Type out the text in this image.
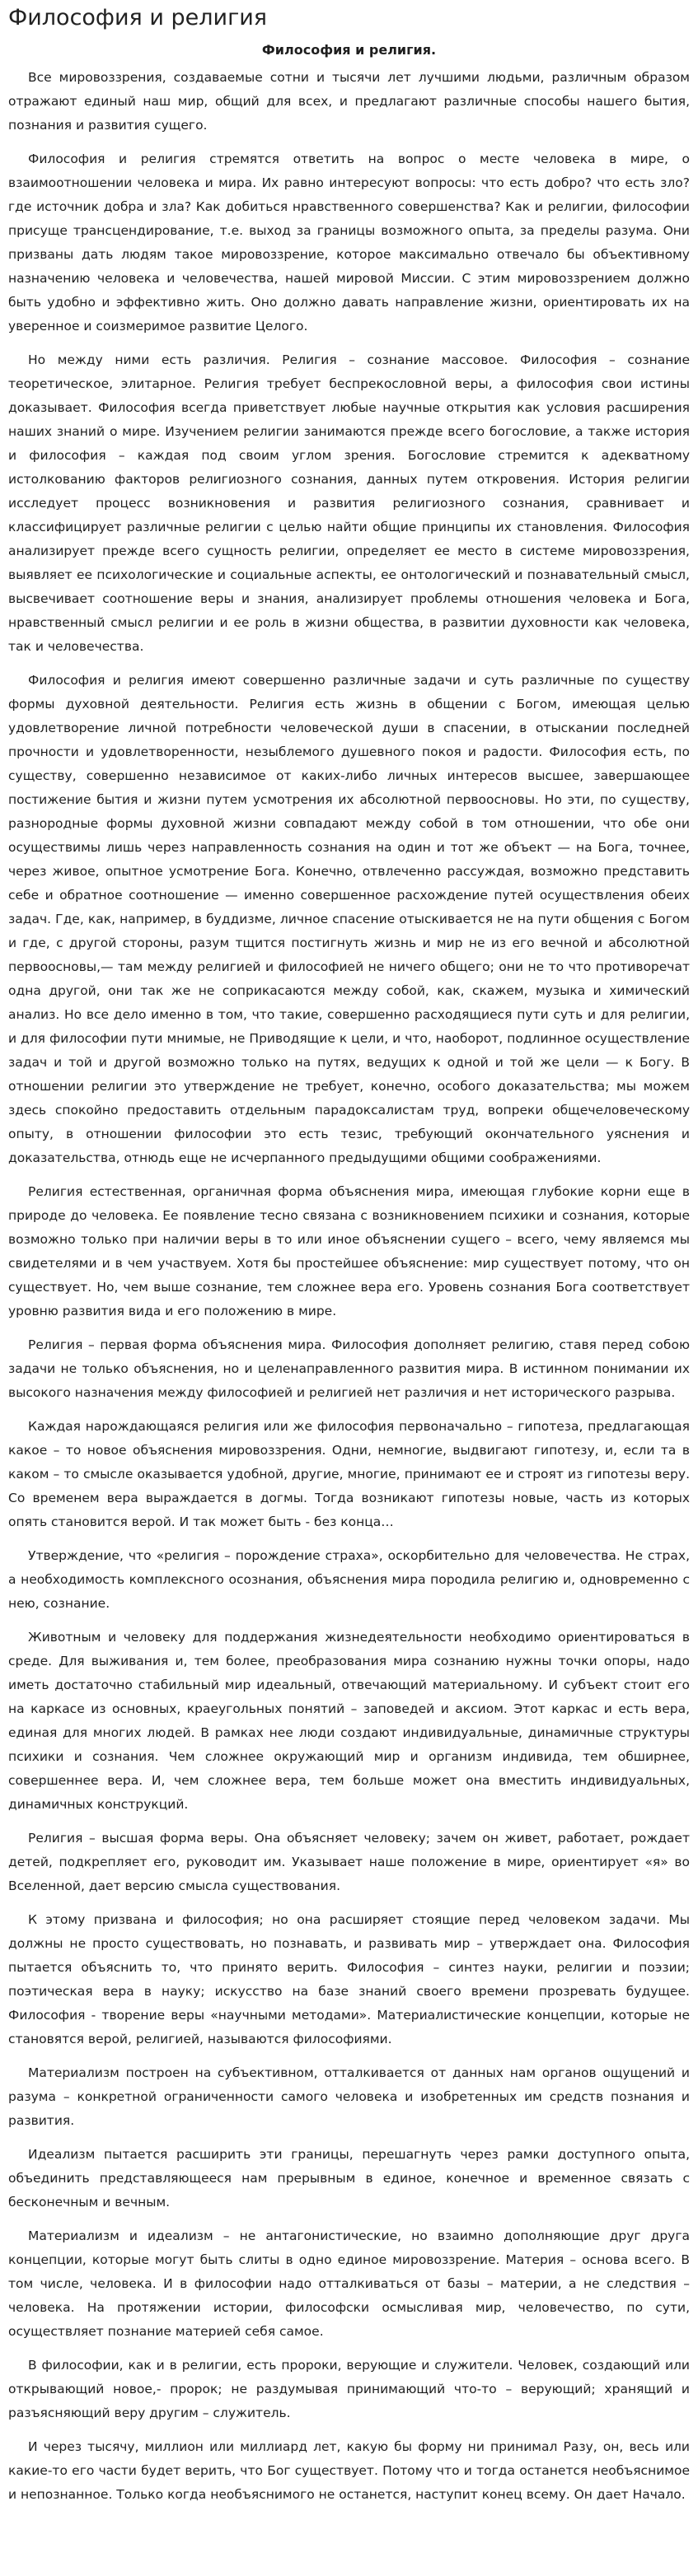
Философия и религия
Философия и религия.

Все мировоззрения, создаваемые сотни и тысячи лет лучшими людьми, различным образом отражают единый наш мир, общий для всех, и предлагают различные способы нашего бытия, познания и развития сущего.

Философия и религия стремятся ответить на вопрос о месте человека в мире, о взаимоотношении человека и мира. Их равно интересуют вопросы: что есть добро? что есть зло? где источник добра и зла? Как добиться нравственного совершенства? Как и религии, философии присуще трансцендирование, т.е. выход за границы возможного опыта, за пределы разума. Они призваны дать людям такое мировоззрение, которое максимально отвечало бы объективному назначению человека и человечества, нашей мировой Миссии. С этим мировоззрением должно быть удобно и эффективно жить. Оно должно давать направление жизни, ориентировать их на уверенное и соизмеримое развитие Целого.

Но между ними есть различия. Религия – сознание массовое. Философия – сознание теоретическое, элитарное. Религия требует беспрекословной веры, а философия свои истины доказывает. Философия всегда приветствует любые научные открытия как условия расширения наших знаний о мире. Изучением религии занимаются прежде всего богословие, а также история и философия – каждая под своим углом зрения. Богословие стремится к адекватному истолкованию факторов религиозного сознания, данных путем откровения. История религии исследует процесс возникновения и развития религиозного сознания, сравнивает и классифицирует различные религии с целью найти общие принципы их становления. Философия анализирует прежде всего сущность религии, определяет ее место в системе мировоззрения, выявляет ее психологические и социальные аспекты, ее онтологический и познавательный смысл, высвечивает соотношение веры и знания, анализирует проблемы отношения человека и Бога, нравственный смысл религии и ее роль в жизни общества, в развитии духовности как человека, так и человечества.

Философия и религия имеют совершенно различные задачи и суть различные по существу формы духовной деятельности. Религия есть жизнь в общении с Богом, имеющая целью удовлетворение личной потребности человеческой души в спасении, в отыскании последней прочности и удовлетворенности, незыблемого душевного покоя и радости. Философия есть, по существу, совершенно независимое от каких-либо личных интересов высшее, завершающее постижение бытия и жизни путем усмотрения их абсолютной первоосновы. Но эти, по существу, разнородные формы духовной жизни совпадают между собой в том отношении, что обе они осуществимы лишь через направленность сознания на один и тот же объект — на Бога, точнее, через живое, опытное усмотрение Бога. Конечно, отвлеченно рассуждая, возможно представить себе и обратное соотношение — именно совершенное расхождение путей осуществления обеих задач. Где, как, например, в буддизме, личное спасение отыскивается не на пути общения с Богом и где, с другой стороны, разум тщится постигнуть жизнь и мир не из его вечной и абсолютной первоосновы,— там между религией и философией не ничего общего; они не то что противоречат одна другой, они так же не соприкасаются между собой, как, скажем, музыка и химический анализ. Но все дело именно в том, что такие, совершенно расходящиеся пути суть и для религии, и для философии пути мнимые, не Приводящие к цели, и что, наоборот, подлинное осуществление задач и той и другой возможно только на путях, ведущих к одной и той же цели — к Богу. В отношении религии это утверждение не требует, конечно, особого доказательства; мы можем здесь спокойно предоставить отдельным парадоксалистам труд, вопреки общечеловеческому опыту, в отношении философии это есть тезис, требующий окончательного уяснения и доказательства, отнюдь еще не исчерпанного предыдущими общими соображениями.

Религия естественная, органичная форма объяснения мира, имеющая глубокие корни еще в природе до человека. Ее появление тесно связана с возникновением психики и сознания, которые возможно только при наличии веры в то или иное объяснении сущего – всего, чему являемся мы свидетелями и в чем участвуем. Хотя бы простейшее объяснение: мир существует потому, что он существует. Но, чем выше сознание, тем сложнее вера его. Уровень сознания Бога соответствует уровню развития вида и его положению в мире.

Религия – первая форма объяснения мира. Философия дополняет религию, ставя перед собою задачи не только объяснения, но и целенаправленного развития мира. В истинном понимании их высокого назначения между философией и религией нет различия и нет исторического разрыва.

Каждая нарождающаяся религия или же философия первоначально – гипотеза, предлагающая какое – то новое объяснения мировоззрения. Одни, немногие, выдвигают гипотезу, и, если та в каком – то смысле оказывается удобной, другие, многие, принимают ее и строят из гипотезы веру. Со временем вера выраждается в догмы. Тогда возникают гипотезы новые, часть из которых опять становится верой. И так может быть - без конца…

Утверждение, что «религия – порождение страха», оскорбительно для человечества. Не страх, а необходимость комплексного осознания, объяснения мира породила религию и, одновременно с нею, сознание.

Животным и человеку для поддержания жизнедеятельности необходимо ориентироваться в среде. Для выживания и, тем более, преобразования мира сознанию нужны точки опоры, надо иметь достаточно стабильный мир идеальный, отвечающий материальному. И субъект стоит его на каркасе из основных, краеугольных понятий – заповедей и аксиом. Этот каркас и есть вера, единая для многих людей. В рамках нее люди создают индивидуальные, динамичные структуры психики и сознания. Чем сложнее окружающий мир и организм индивида, тем обширнее, совершеннее вера. И, чем сложнее вера, тем больше может она вместить индивидуальных, динамичных конструкций.

Религия – высшая форма веры. Она объясняет человеку; зачем он живет, работает, рождает детей, подкрепляет его, руководит им. Указывает наше положение в мире, ориентирует «я» во Вселенной, дает версию смысла существования.

К этому призвана и философия; но она расширяет стоящие перед человеком задачи. Мы должны не просто существовать, но познавать, и развивать мир – утверждает она. Философия пытается объяснить то, что принято верить. Философия – синтез науки, религии и поэзии; поэтическая вера в науку; искусство на базе знаний своего времени прозревать будущее. Философия - творение веры «научными методами». Материалистические концепции, которые не становятся верой, религией, называются философиями.

Материализм построен на субъективном, отталкивается от данных нам органов ощущений и разума – конкретной ограниченности самого человека и изобретенных им средств познания и развития.

Идеализм пытается расширить эти границы, перешагнуть через рамки доступного опыта, объединить представляющееся нам прерывным в единое, конечное и временное связать с бесконечным и вечным.

Материализм и идеализм – не антагонистические, но взаимно дополняющие друг друга концепции, которые могут быть слиты в одно единое мировоззрение. Материя – основа всего. В том числе, человека. И в философии надо отталкиваться от базы – материи, а не следствия – человека. На протяжении истории, философски осмысливая мир, человечество, по сути, осуществляет познание материей себя самое.

В философии, как и в религии, есть пророки, верующие и служители. Человек, создающий или открывающий новое,- пророк; не раздумывая принимающий что-то – верующий; хранящий и разъясняющий веру другим – служитель.

И через тысячу, миллион или миллиард лет, какую бы форму ни принимал Разу, он, весь или какие-то его части будет верить, что Бог существует. Потому что и тогда останется необъяснимое и непознанное. Только когда необъяснимого не останется, наступит конец всему. Он дает Начало.
